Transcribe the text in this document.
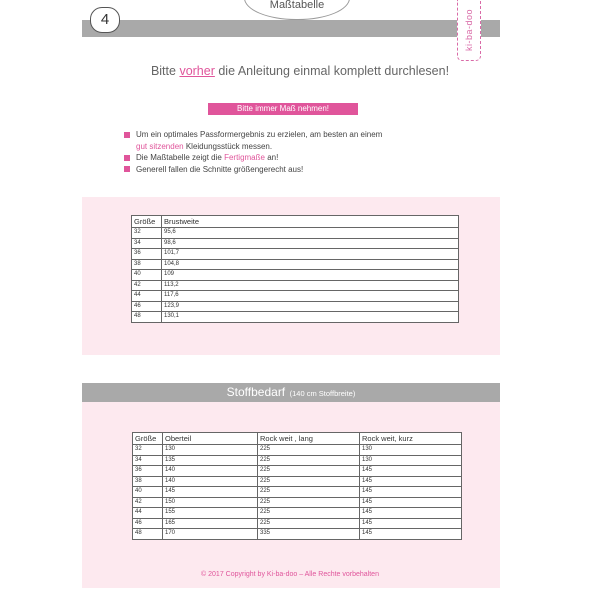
4
Maßtabelle
ki-ba-doo
Bitte vorher die Anleitung einmal komplett durchlesen!
Bitte immer Maß nehmen!
Um ein optimales Passformergebnis zu erzielen, am besten an einem
gut sitzenden Kleidungsstück messen.
Die Maßtabelle zeigt die Fertigmaße an!
Generell fallen die Schnitte größengerecht aus!
Größe	Brustweite
32	95,6
34	98,6
36	101,7
38	104,8
40	109
42	113,2
44	117,6
46	123,9
48	130,1
Stoffbedarf (140 cm Stoffbreite)
Größe	Oberteil	Rock weit , lang	Rock weit, kurz
32	130	225	130
34	135	225	130
36	140	225	145
38	140	225	145
40	145	225	145
42	150	225	145
44	155	225	145
46	165	225	145
48	170	335	145
© 2017 Copyright by Ki-ba-doo – Alle Rechte vorbehalten
